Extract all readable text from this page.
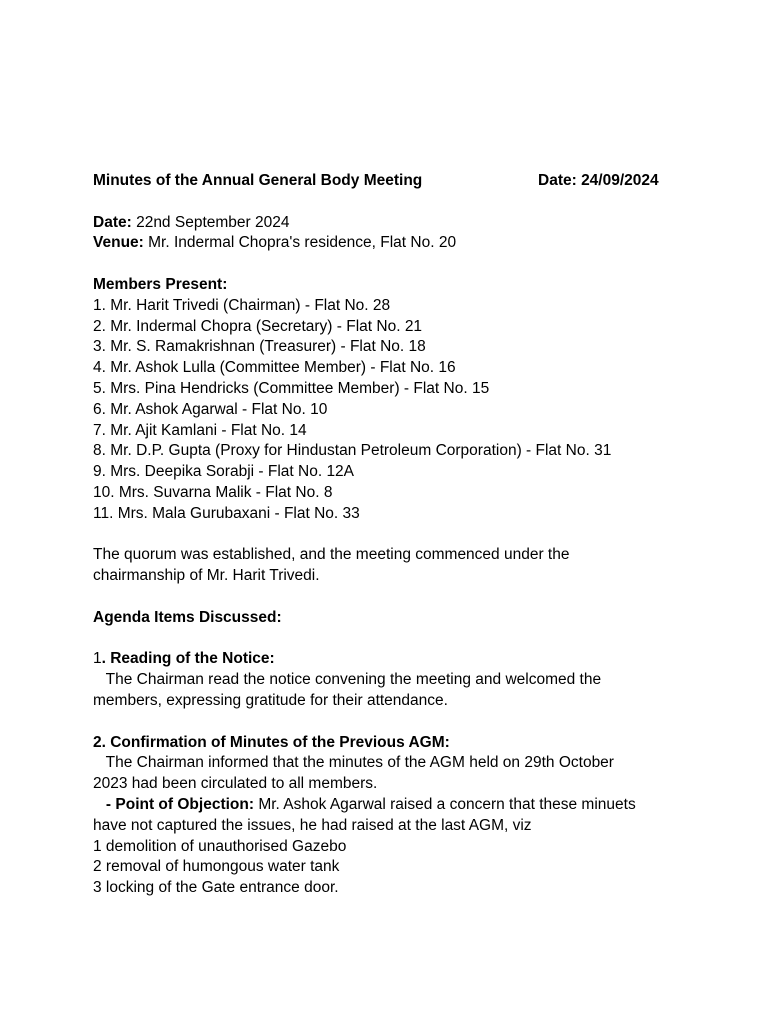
Minutes of the Annual General Body Meeting	Date: 24/09/2024
Date: 22nd September 2024
Venue: Mr. Indermal Chopra's residence, Flat No. 20
Members Present:
1. Mr. Harit Trivedi (Chairman) - Flat No. 28
2. Mr. Indermal Chopra (Secretary) - Flat No. 21
3. Mr. S. Ramakrishnan (Treasurer) - Flat No. 18
4. Mr. Ashok Lulla (Committee Member) - Flat No. 16
5. Mrs. Pina Hendricks (Committee Member) - Flat No. 15
6. Mr. Ashok Agarwal - Flat No. 10
7. Mr. Ajit Kamlani - Flat No. 14
8. Mr. D.P. Gupta (Proxy for Hindustan Petroleum Corporation) - Flat No. 31
9. Mrs. Deepika Sorabji - Flat No. 12A
10. Mrs. Suvarna Malik - Flat No. 8
11. Mrs. Mala Gurubaxani - Flat No. 33
The quorum was established, and the meeting commenced under the
chairmanship of Mr. Harit Trivedi.
Agenda Items Discussed:
1. Reading of the Notice:
The Chairman read the notice convening the meeting and welcomed the
members, expressing gratitude for their attendance.
2. Confirmation of Minutes of the Previous AGM:
The Chairman informed that the minutes of the AGM held on 29th October
2023 had been circulated to all members.
- Point of Objection: Mr. Ashok Agarwal raised a concern that these minuets
have not captured the issues, he had raised at the last AGM, viz
1 demolition of unauthorised Gazebo
2 removal of humongous water tank
3 locking of the Gate entrance door.
